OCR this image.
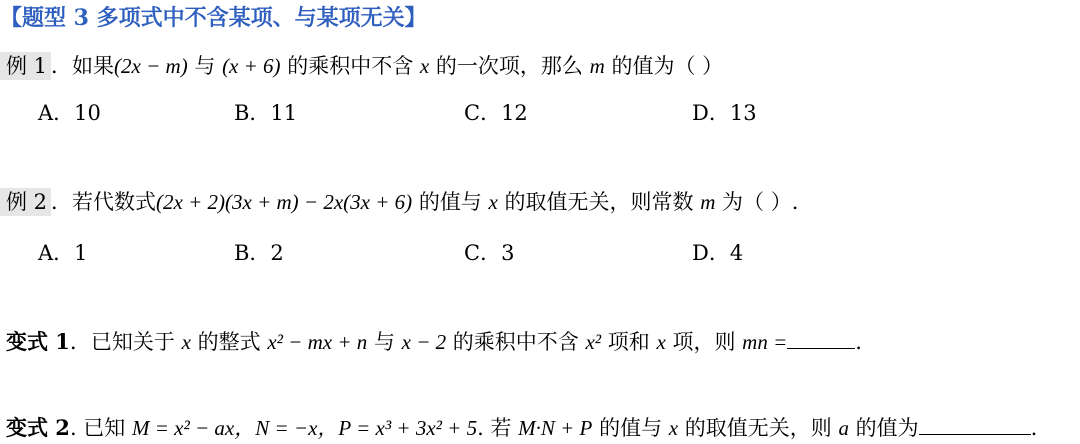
【题型 3 多项式中不含某项、与某项无关】
例 1 ．如果(2x − m) 与 (x + 6) 的乘积中不含 x 的一次项，那么 m 的值为（ ）
A．10	B．11	C．12	D．13
例 2 ．若代数式(2x + 2)(3x + m) − 2x(3x + 6) 的值与 x 的取值无关，则常数 m 为（ ）.
A．1	B．2	C．3	D．4
变式 1．已知关于 x 的整式 x² − mx + n 与 x − 2 的乘积中不含 x² 项和 x 项，则 mn =	.
变式 2. 已知 M = x² − ax，N = −x，P = x³ + 3x² + 5. 若 M·N + P 的值与 x 的取值无关，则 a 的值为	.
